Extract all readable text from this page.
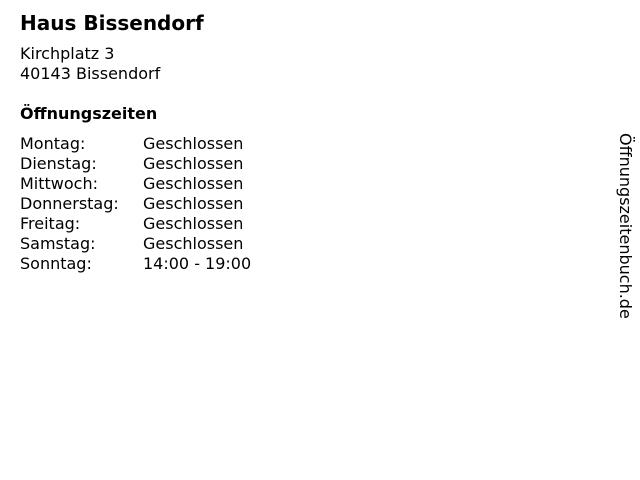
Haus Bissendorf
Kirchplatz 3
40143 Bissendorf
Öffnungszeiten
Montag:	Geschlossen
Dienstag:	Geschlossen
Mittwoch:	Geschlossen
Donnerstag:	Geschlossen
Freitag:	Geschlossen
Samstag:	Geschlossen
Sonntag:	14:00 - 19:00	Öffnungszeitenbuch.de
